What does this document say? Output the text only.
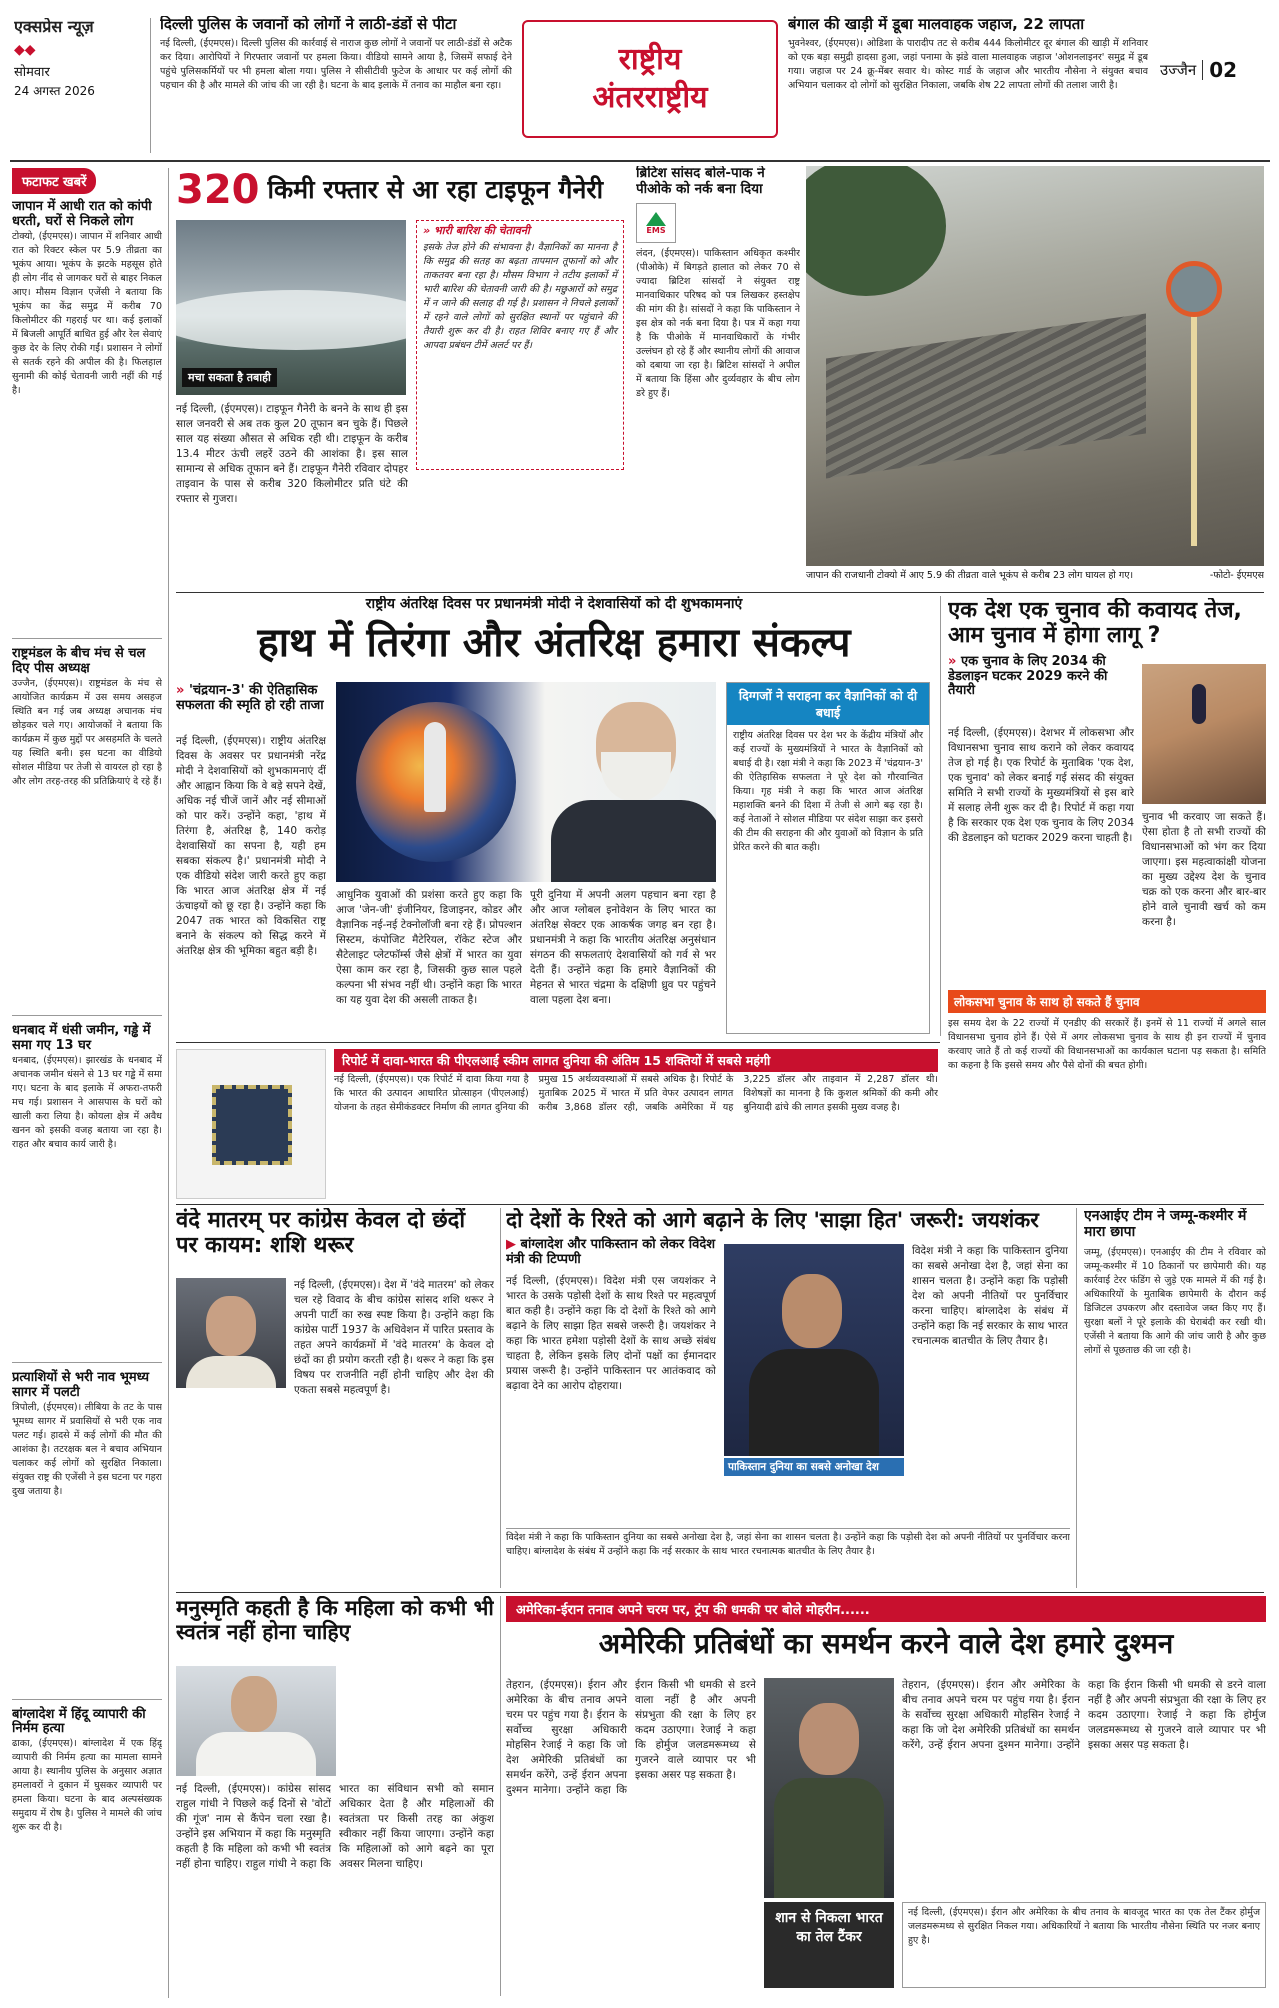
एक्सप्रेस न्यूज़
◆◆
सोमवार
24 अगस्त 2026
दिल्ली पुलिस के जवानों को लोगों ने लाठी-डंडों से पीटा
नई दिल्ली, (ईएमएस)। दिल्ली पुलिस की कार्रवाई से नाराज कुछ लोगों ने जवानों पर लाठी-डंडों से अटैक कर दिया। आरोपियों ने गिरफ्तार जवानों पर हमला किया। वीडियो सामने आया है, जिसमें सफाई देने पहुंचे पुलिसकर्मियों पर भी हमला बोला गया। पुलिस ने सीसीटीवी फुटेज के आधार पर कई लोगों की पहचान की है और मामले की जांच की जा रही है। घटना के बाद इलाके में तनाव का माहौल बना रहा।
राष्ट्रीय
अंतरराष्ट्रीय
बंगाल की खाड़ी में डूबा मालवाहक जहाज, 22 लापता
भुवनेश्वर, (ईएमएस)। ओडिशा के पारादीप तट से करीब 444 किलोमीटर दूर बंगाल की खाड़ी में शनिवार को एक बड़ा समुद्री हादसा हुआ, जहां पनामा के झंडे वाला मालवाहक जहाज 'ओशनलाइनर' समुद्र में डूब गया। जहाज पर 24 क्रू-मेंबर सवार थे। कोस्ट गार्ड के जहाज और भारतीय नौसेना ने संयुक्त बचाव अभियान चलाकर दो लोगों को सुरक्षित निकाला, जबकि शेष 22 लापता लोगों की तलाश जारी है।
उज्जैन 02
फटाफट खबरें
जापान में आधी रात को कांपी धरती, घरों से निकले लोग
टोक्यो, (ईएमएस)। जापान में शनिवार आधी रात को रिक्टर स्केल पर 5.9 तीव्रता का भूकंप आया। भूकंप के झटके महसूस होते ही लोग नींद से जागकर घरों से बाहर निकल आए। मौसम विज्ञान एजेंसी ने बताया कि भूकंप का केंद्र समुद्र में करीब 70 किलोमीटर की गहराई पर था। कई इलाकों में बिजली आपूर्ति बाधित हुई और रेल सेवाएं कुछ देर के लिए रोकी गईं। प्रशासन ने लोगों से सतर्क रहने की अपील की है। फिलहाल सुनामी की कोई चेतावनी जारी नहीं की गई है।
राष्ट्रमंडल के बीच मंच से चल दिए पीस अध्यक्ष
उज्जैन, (ईएमएस)। राष्ट्रमंडल के मंच से आयोजित कार्यक्रम में उस समय असहज स्थिति बन गई जब अध्यक्ष अचानक मंच छोड़कर चले गए। आयोजकों ने बताया कि कार्यक्रम में कुछ मुद्दों पर असहमति के चलते यह स्थिति बनी। इस घटना का वीडियो सोशल मीडिया पर तेजी से वायरल हो रहा है और लोग तरह-तरह की प्रतिक्रियाएं दे रहे हैं।
धनबाद में धंसी जमीन, गड्ढे में समा गए 13 घर
धनबाद, (ईएमएस)। झारखंड के धनबाद में अचानक जमीन धंसने से 13 घर गड्ढे में समा गए। घटना के बाद इलाके में अफरा-तफरी मच गई। प्रशासन ने आसपास के घरों को खाली करा लिया है। कोयला क्षेत्र में अवैध खनन को इसकी वजह बताया जा रहा है। राहत और बचाव कार्य जारी है।
प्रत्याशियों से भरी नाव भूमध्य सागर में पलटी
त्रिपोली, (ईएमएस)। लीबिया के तट के पास भूमध्य सागर में प्रवासियों से भरी एक नाव पलट गई। हादसे में कई लोगों की मौत की आशंका है। तटरक्षक बल ने बचाव अभियान चलाकर कई लोगों को सुरक्षित निकाला। संयुक्त राष्ट्र की एजेंसी ने इस घटना पर गहरा दुख जताया है।
बांग्लादेश में हिंदू व्यापारी की निर्मम हत्या
ढाका, (ईएमएस)। बांग्लादेश में एक हिंदू व्यापारी की निर्मम हत्या का मामला सामने आया है। स्थानीय पुलिस के अनुसार अज्ञात हमलावरों ने दुकान में घुसकर व्यापारी पर हमला किया। घटना के बाद अल्पसंख्यक समुदाय में रोष है। पुलिस ने मामले की जांच शुरू कर दी है।
320 किमी रफ्तार से आ रहा टाइफून गैनेरी
मचा सकता है तबाही
» भारी बारिश की चेतावनी
इसके तेज होने की संभावना है। वैज्ञानिकों का मानना है कि समुद्र की सतह का बढ़ता तापमान तूफानों को और ताकतवर बना रहा है। मौसम विभाग ने तटीय इलाकों में भारी बारिश की चेतावनी जारी की है। मछुआरों को समुद्र में न जाने की सलाह दी गई है। प्रशासन ने निचले इलाकों में रहने वाले लोगों को सुरक्षित स्थानों पर पहुंचाने की तैयारी शुरू कर दी है। राहत शिविर बनाए गए हैं और आपदा प्रबंधन टीमें अलर्ट पर हैं।
नई दिल्ली, (ईएमएस)। टाइफून गैनेरी के बनने के साथ ही इस साल जनवरी से अब तक कुल 20 तूफान बन चुके हैं। पिछले साल यह संख्या औसत से अधिक रही थी। टाइफून के करीब 13.4 मीटर ऊंची लहरें उठने की आशंका है। इस साल सामान्य से अधिक तूफान बने हैं। टाइफून गैनेरी रविवार दोपहर ताइवान के पास से करीब 320 किलोमीटर प्रति घंटे की रफ्तार से गुजरा।
ब्रिटिश सांसद बोले-पाक ने पीओके को नर्क बना दिया
EMS
लंदन, (ईएमएस)। पाकिस्तान अधिकृत कश्मीर (पीओके) में बिगड़ते हालात को लेकर 70 से ज्यादा ब्रिटिश सांसदों ने संयुक्त राष्ट्र मानवाधिकार परिषद को पत्र लिखकर हस्तक्षेप की मांग की है। सांसदों ने कहा कि पाकिस्तान ने इस क्षेत्र को नर्क बना दिया है। पत्र में कहा गया है कि पीओके में मानवाधिकारों के गंभीर उल्लंघन हो रहे हैं और स्थानीय लोगों की आवाज को दबाया जा रहा है। ब्रिटिश सांसदों ने अपील में बताया कि हिंसा और दुर्व्यवहार के बीच लोग डरे हुए हैं।
जापान की राजधानी टोक्यो में आए 5.9 की तीव्रता वाले भूकंप से करीब 23 लोग घायल हो गए।	-फोटो- ईएमएस
राष्ट्रीय अंतरिक्ष दिवस पर प्रधानमंत्री मोदी ने देशवासियों को दी शुभकामनाएं
हाथ में तिरंगा और अंतरिक्ष हमारा संकल्प
» 'चंद्रयान-3' की ऐतिहासिक सफलता की स्मृति हो रही ताजा
नई दिल्ली, (ईएमएस)। राष्ट्रीय अंतरिक्ष दिवस के अवसर पर प्रधानमंत्री नरेंद्र मोदी ने देशवासियों को शुभकामनाएं दीं और आह्वान किया कि वे बड़े सपने देखें, अधिक नई चीजें जानें और नई सीमाओं को पार करें। उन्होंने कहा, 'हाथ में तिरंगा है, अंतरिक्ष है, 140 करोड़ देशवासियों का सपना है, यही हम सबका संकल्प है।' प्रधानमंत्री मोदी ने एक वीडियो संदेश जारी करते हुए कहा कि भारत आज अंतरिक्ष क्षेत्र में नई ऊंचाइयों को छू रहा है। उन्होंने कहा कि 2047 तक भारत को विकसित राष्ट्र बनाने के संकल्प को सिद्ध करने में अंतरिक्ष क्षेत्र की भूमिका बहुत बड़ी है।
आधुनिक युवाओं की प्रशंसा करते हुए कहा कि आज 'जेन-जी' इंजीनियर, डिजाइनर, कोडर और वैज्ञानिक नई-नई टेक्नोलॉजी बना रहे हैं। प्रोपल्शन सिस्टम, कंपोजिट मैटेरियल, रॉकेट स्टेज और सैटेलाइट प्लेटफॉर्म्स जैसे क्षेत्रों में भारत का युवा ऐसा काम कर रहा है, जिसकी कुछ साल पहले कल्पना भी संभव नहीं थी। उन्होंने कहा कि भारत का यह युवा देश की असली ताकत है।
पूरी दुनिया में अपनी अलग पहचान बना रहा है और आज ग्लोबल इनोवेशन के लिए भारत का अंतरिक्ष सेक्टर एक आकर्षक जगह बन रहा है। प्रधानमंत्री ने कहा कि भारतीय अंतरिक्ष अनुसंधान संगठन की सफलताएं देशवासियों को गर्व से भर देती हैं। उन्होंने कहा कि हमारे वैज्ञानिकों की मेहनत से भारत चंद्रमा के दक्षिणी ध्रुव पर पहुंचने वाला पहला देश बना।
दिग्गजों ने सराहना कर वैज्ञानिकों को दी बधाई
राष्ट्रीय अंतरिक्ष दिवस पर देश भर के केंद्रीय मंत्रियों और कई राज्यों के मुख्यमंत्रियों ने भारत के वैज्ञानिकों को बधाई दी है। रक्षा मंत्री ने कहा कि 2023 में 'चंद्रयान-3' की ऐतिहासिक सफलता ने पूरे देश को गौरवान्वित किया। गृह मंत्री ने कहा कि भारत आज अंतरिक्ष महाशक्ति बनने की दिशा में तेजी से आगे बढ़ रहा है। कई नेताओं ने सोशल मीडिया पर संदेश साझा कर इसरो की टीम की सराहना की और युवाओं को विज्ञान के प्रति प्रेरित करने की बात कही।
एक देश एक चुनाव की कवायद तेज, आम चुनाव में होगा लागू ?
» एक चुनाव के लिए 2034 की डेडलाइन घटकर 2029 करने की तैयारी
नई दिल्ली, (ईएमएस)। देशभर में लोकसभा और विधानसभा चुनाव साथ कराने को लेकर कवायद तेज हो गई है। एक रिपोर्ट के मुताबिक 'एक देश, एक चुनाव' को लेकर बनाई गई संसद की संयुक्त समिति ने सभी राज्यों के मुख्यमंत्रियों से इस बारे में सलाह लेनी शुरू कर दी है। रिपोर्ट में कहा गया है कि सरकार एक देश एक चुनाव के लिए 2034 की डेडलाइन को घटाकर 2029 करना चाहती है।
चुनाव भी करवाए जा सकते हैं। ऐसा होता है तो सभी राज्यों की विधानसभाओं को भंग कर दिया जाएगा। इस महत्वाकांक्षी योजना का मुख्य उद्देश्य देश के चुनाव चक्र को एक करना और बार-बार होने वाले चुनावी खर्च को कम करना है।
लोकसभा चुनाव के साथ हो सकते हैं चुनाव
इस समय देश के 22 राज्यों में एनडीए की सरकारें हैं। इनमें से 11 राज्यों में अगले साल विधानसभा चुनाव होने हैं। ऐसे में अगर लोकसभा चुनाव के साथ ही इन राज्यों में चुनाव करवाए जाते हैं तो कई राज्यों की विधानसभाओं का कार्यकाल घटाना पड़ सकता है। समिति का कहना है कि इससे समय और पैसे दोनों की बचत होगी।
रिपोर्ट में दावा-भारत की पीएलआई स्कीम लागत दुनिया की अंतिम 15 शक्तियों में सबसे महंगी
नई दिल्ली, (ईएमएस)। एक रिपोर्ट में दावा किया गया है कि भारत की उत्पादन आधारित प्रोत्साहन (पीएलआई) योजना के तहत सेमीकंडक्टर निर्माण की लागत दुनिया की प्रमुख 15 अर्थव्यवस्थाओं में सबसे अधिक है। रिपोर्ट के मुताबिक 2025 में भारत में प्रति वेफर उत्पादन लागत करीब 3,868 डॉलर रही, जबकि अमेरिका में यह 3,225 डॉलर और ताइवान में 2,287 डॉलर थी। विशेषज्ञों का मानना है कि कुशल श्रमिकों की कमी और बुनियादी ढांचे की लागत इसकी मुख्य वजह है।
वंदे मातरम् पर कांग्रेस केवल दो छंदों पर कायम: शशि थरूर
नई दिल्ली, (ईएमएस)। देश में 'वंदे मातरम' को लेकर चल रहे विवाद के बीच कांग्रेस सांसद शशि थरूर ने अपनी पार्टी का रुख स्पष्ट किया है। उन्होंने कहा कि कांग्रेस पार्टी 1937 के अधिवेशन में पारित प्रस्ताव के तहत अपने कार्यक्रमों में 'वंदे मातरम' के केवल दो छंदों का ही प्रयोग करती रही है। थरूर ने कहा कि इस विषय पर राजनीति नहीं होनी चाहिए और देश की एकता सबसे महत्वपूर्ण है।
दो देशों के रिश्ते को आगे बढ़ाने के लिए 'साझा हित' जरूरी: जयशंकर
▶ बांग्लादेश और पाकिस्तान को लेकर विदेश मंत्री की टिप्पणी
नई दिल्ली, (ईएमएस)। विदेश मंत्री एस जयशंकर ने भारत के उसके पड़ोसी देशों के साथ रिश्ते पर महत्वपूर्ण बात कही है। उन्होंने कहा कि दो देशों के रिश्ते को आगे बढ़ाने के लिए साझा हित सबसे जरूरी है। जयशंकर ने कहा कि भारत हमेशा पड़ोसी देशों के साथ अच्छे संबंध चाहता है, लेकिन इसके लिए दोनों पक्षों का ईमानदार प्रयास जरूरी है। उन्होंने पाकिस्तान पर आतंकवाद को बढ़ावा देने का आरोप दोहराया।
पाकिस्तान दुनिया का सबसे अनोखा देश
विदेश मंत्री ने कहा कि पाकिस्तान दुनिया का सबसे अनोखा देश है, जहां सेना का शासन चलता है। उन्होंने कहा कि पड़ोसी देश को अपनी नीतियों पर पुनर्विचार करना चाहिए। बांग्लादेश के संबंध में उन्होंने कहा कि नई सरकार के साथ भारत रचनात्मक बातचीत के लिए तैयार है।
विदेश मंत्री ने कहा कि पाकिस्तान दुनिया का सबसे अनोखा देश है, जहां सेना का शासन चलता है। उन्होंने कहा कि पड़ोसी देश को अपनी नीतियों पर पुनर्विचार करना चाहिए। बांग्लादेश के संबंध में उन्होंने कहा कि नई सरकार के साथ भारत रचनात्मक बातचीत के लिए तैयार है।
एनआईए टीम ने जम्मू-कश्मीर में मारा छापा
जम्मू, (ईएमएस)। एनआईए की टीम ने रविवार को जम्मू-कश्मीर में 10 ठिकानों पर छापेमारी की। यह कार्रवाई टेरर फंडिंग से जुड़े एक मामले में की गई है। अधिकारियों के मुताबिक छापेमारी के दौरान कई डिजिटल उपकरण और दस्तावेज जब्त किए गए हैं। सुरक्षा बलों ने पूरे इलाके की घेराबंदी कर रखी थी। एजेंसी ने बताया कि आगे की जांच जारी है और कुछ लोगों से पूछताछ की जा रही है।
मनुस्मृति कहती है कि महिला को कभी भी स्वतंत्र नहीं होना चाहिए
नई दिल्ली, (ईएमएस)। कांग्रेस सांसद राहुल गांधी ने पिछले कई दिनों से 'वोटों की गूंज' नाम से कैंपेन चला रखा है। उन्होंने इस अभियान में कहा कि मनुस्मृति कहती है कि महिला को कभी भी स्वतंत्र नहीं होना चाहिए। राहुल गांधी ने कहा कि भारत का संविधान सभी को समान अधिकार देता है और महिलाओं की स्वतंत्रता पर किसी तरह का अंकुश स्वीकार नहीं किया जाएगा। उन्होंने कहा कि महिलाओं को आगे बढ़ने का पूरा अवसर मिलना चाहिए।
अमेरिका-ईरान तनाव अपने चरम पर, ट्रंप की धमकी पर बोले मोहरीन......
अमेरिकी प्रतिबंधों का समर्थन करने वाले देश हमारे दुश्मन
तेहरान, (ईएमएस)। ईरान और अमेरिका के बीच तनाव अपने चरम पर पहुंच गया है। ईरान के सर्वोच्च सुरक्षा अधिकारी मोहसिन रेजाई ने कहा कि जो देश अमेरिकी प्रतिबंधों का समर्थन करेंगे, उन्हें ईरान अपना दुश्मन मानेगा। उन्होंने कहा कि ईरान किसी भी धमकी से डरने वाला नहीं है और अपनी संप्रभुता की रक्षा के लिए हर कदम उठाएगा। रेजाई ने कहा कि होर्मुज जलडमरूमध्य से गुजरने वाले व्यापार पर भी इसका असर पड़ सकता है।
शान से निकला भारत का तेल टैंकर
तेहरान, (ईएमएस)। ईरान और अमेरिका के बीच तनाव अपने चरम पर पहुंच गया है। ईरान के सर्वोच्च सुरक्षा अधिकारी मोहसिन रेजाई ने कहा कि जो देश अमेरिकी प्रतिबंधों का समर्थन करेंगे, उन्हें ईरान अपना दुश्मन मानेगा। उन्होंने कहा कि ईरान किसी भी धमकी से डरने वाला नहीं है और अपनी संप्रभुता की रक्षा के लिए हर कदम उठाएगा। रेजाई ने कहा कि होर्मुज जलडमरूमध्य से गुजरने वाले व्यापार पर भी इसका असर पड़ सकता है।
नई दिल्ली, (ईएमएस)। ईरान और अमेरिका के बीच तनाव के बावजूद भारत का एक तेल टैंकर होर्मुज जलडमरूमध्य से सुरक्षित निकल गया। अधिकारियों ने बताया कि भारतीय नौसेना स्थिति पर नजर बनाए हुए है।
